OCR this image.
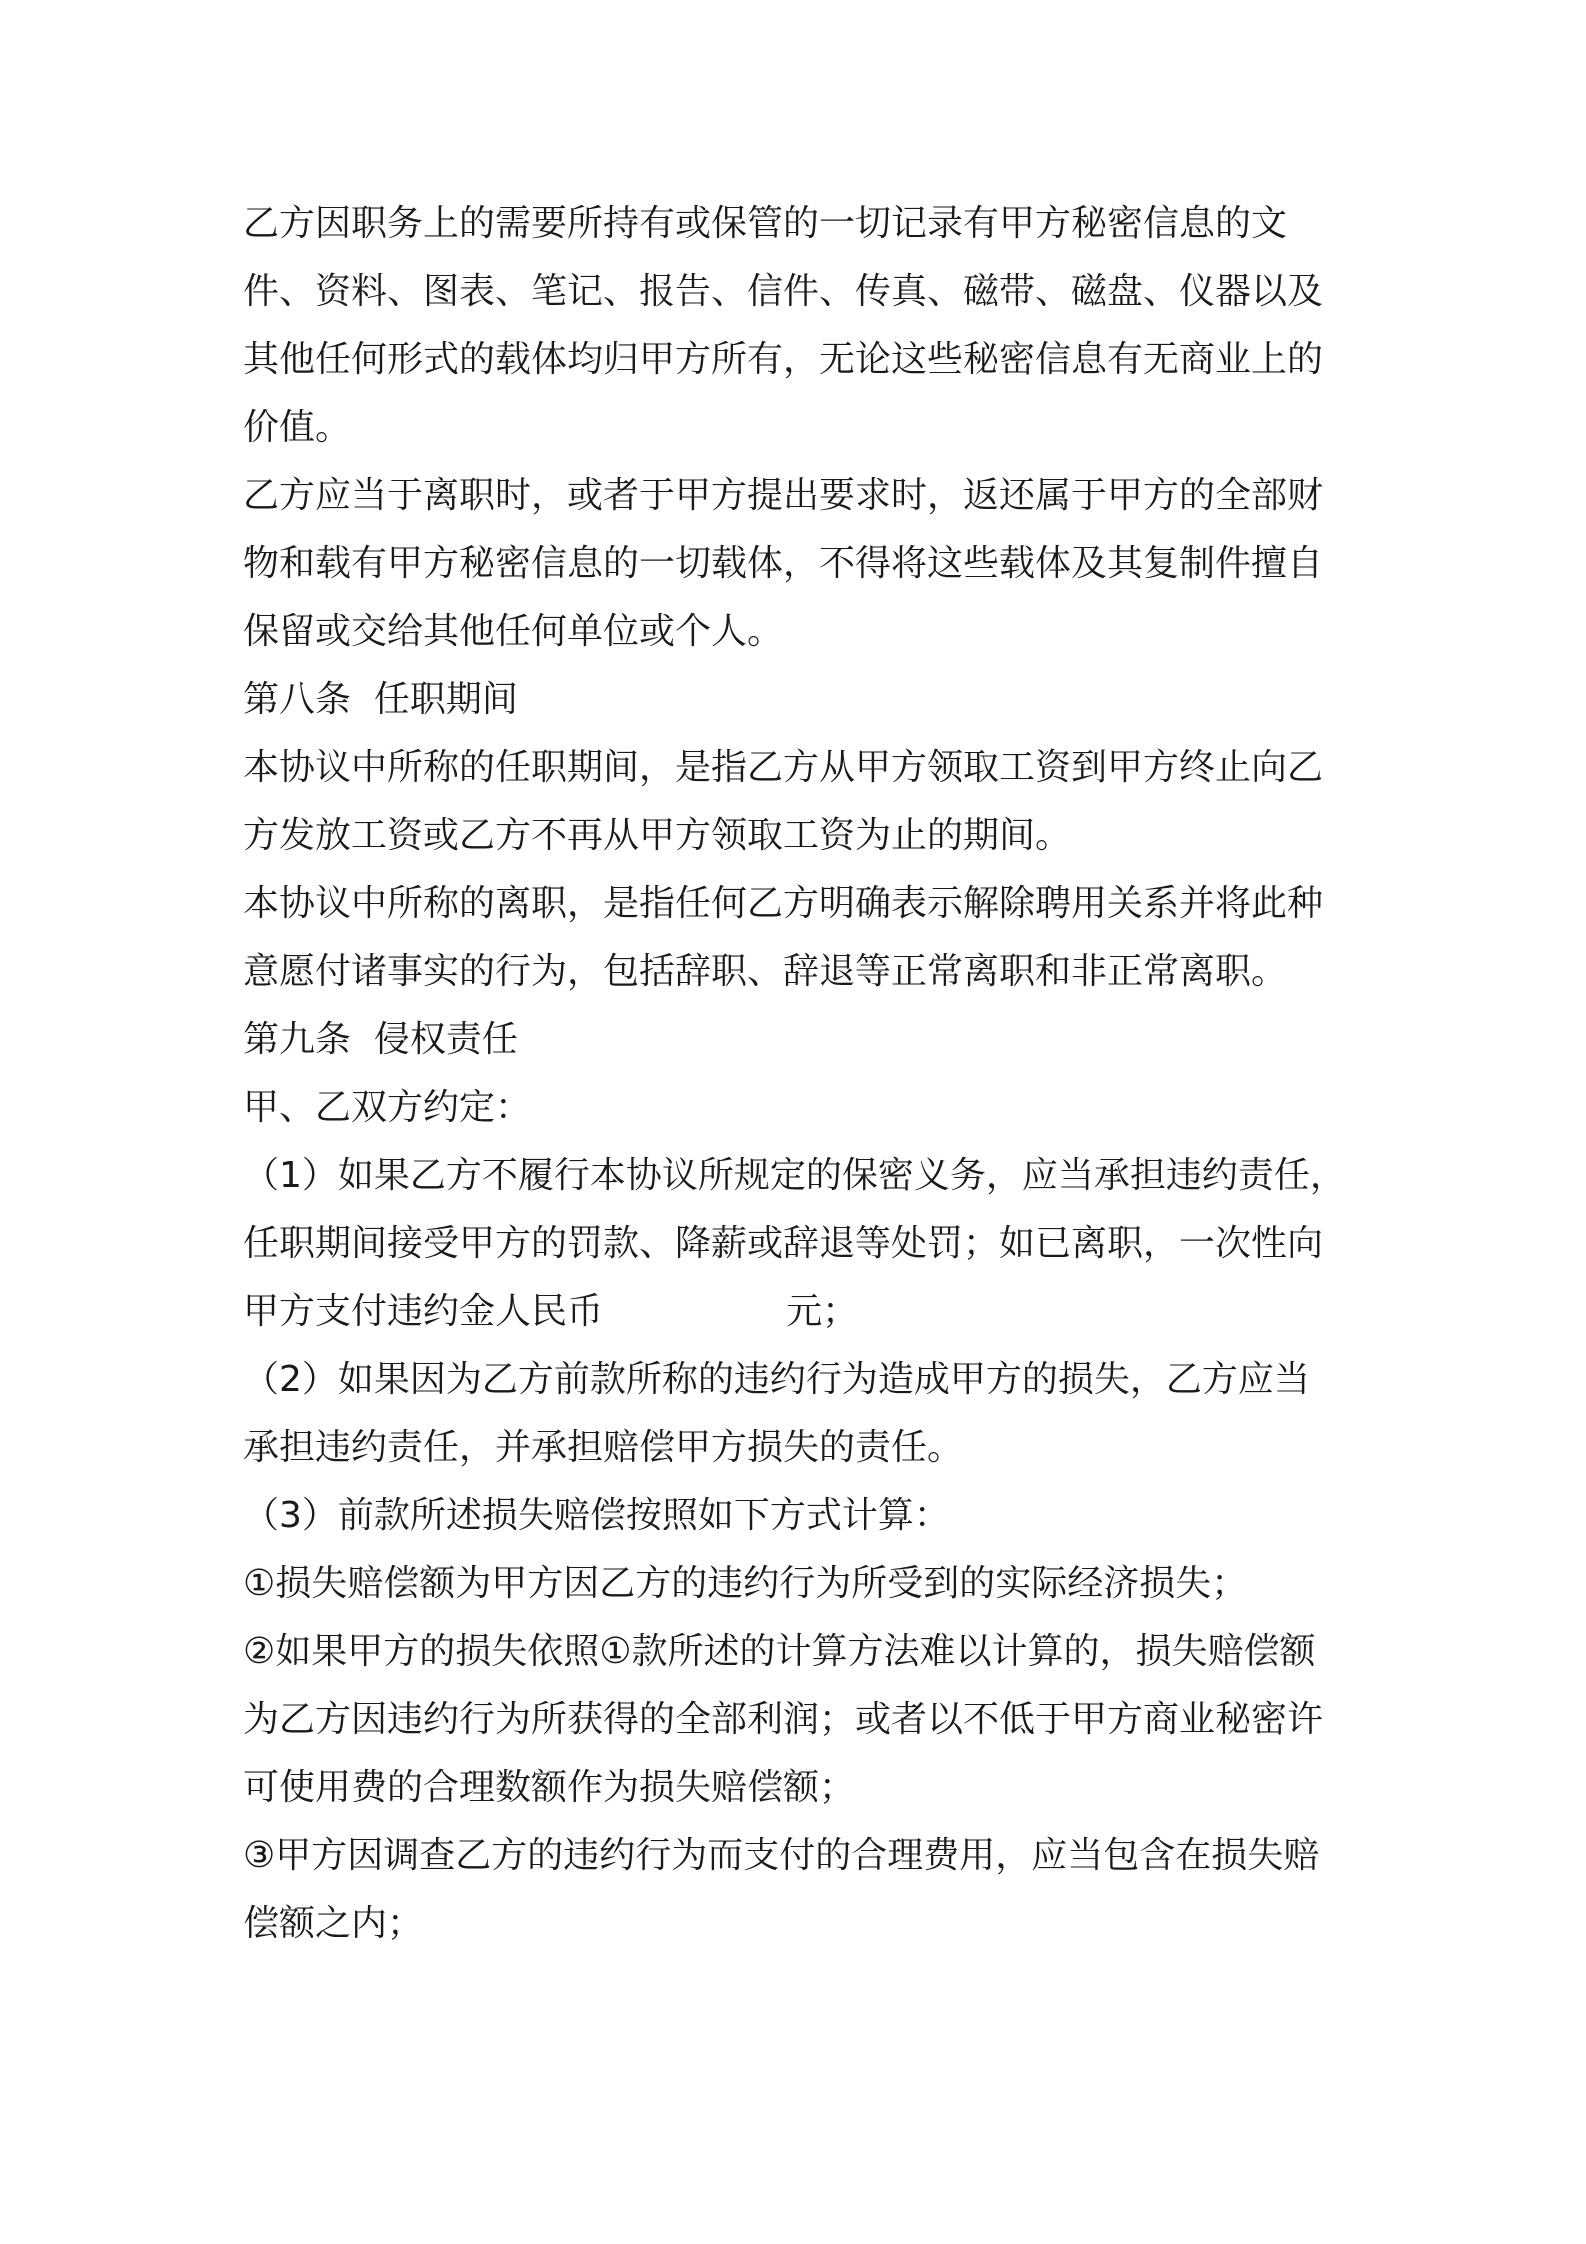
乙方因职务上的需要所持有或保管的一切记录有甲方秘密信息的文
件、资料、图表、笔记、报告、信件、传真、磁带、磁盘、仪器以及
其他任何形式的载体均归甲方所有，无论这些秘密信息有无商业上的
价值。
乙方应当于离职时，或者于甲方提出要求时，返还属于甲方的全部财
物和载有甲方秘密信息的一切载体，不得将这些载体及其复制件擅自
保留或交给其他任何单位或个人。
第八条  任职期间
本协议中所称的任职期间，是指乙方从甲方领取工资到甲方终止向乙
方发放工资或乙方不再从甲方领取工资为止的期间。
本协议中所称的离职，是指任何乙方明确表示解除聘用关系并将此种
意愿付诸事实的行为，包括辞职、辞退等正常离职和非正常离职。
第九条  侵权责任
甲、乙双方约定：
（1）如果乙方不履行本协议所规定的保密义务，应当承担违约责任，
任职期间接受甲方的罚款、降薪或辞退等处罚；如已离职，一次性向
甲方支付违约金人民币                元；
（2）如果因为乙方前款所称的违约行为造成甲方的损失，乙方应当
承担违约责任，并承担赔偿甲方损失的责任。
（3）前款所述损失赔偿按照如下方式计算：
①损失赔偿额为甲方因乙方的违约行为所受到的实际经济损失；
②如果甲方的损失依照①款所述的计算方法难以计算的，损失赔偿额
为乙方因违约行为所获得的全部利润；或者以不低于甲方商业秘密许
可使用费的合理数额作为损失赔偿额；
③甲方因调查乙方的违约行为而支付的合理费用，应当包含在损失赔
偿额之内；
